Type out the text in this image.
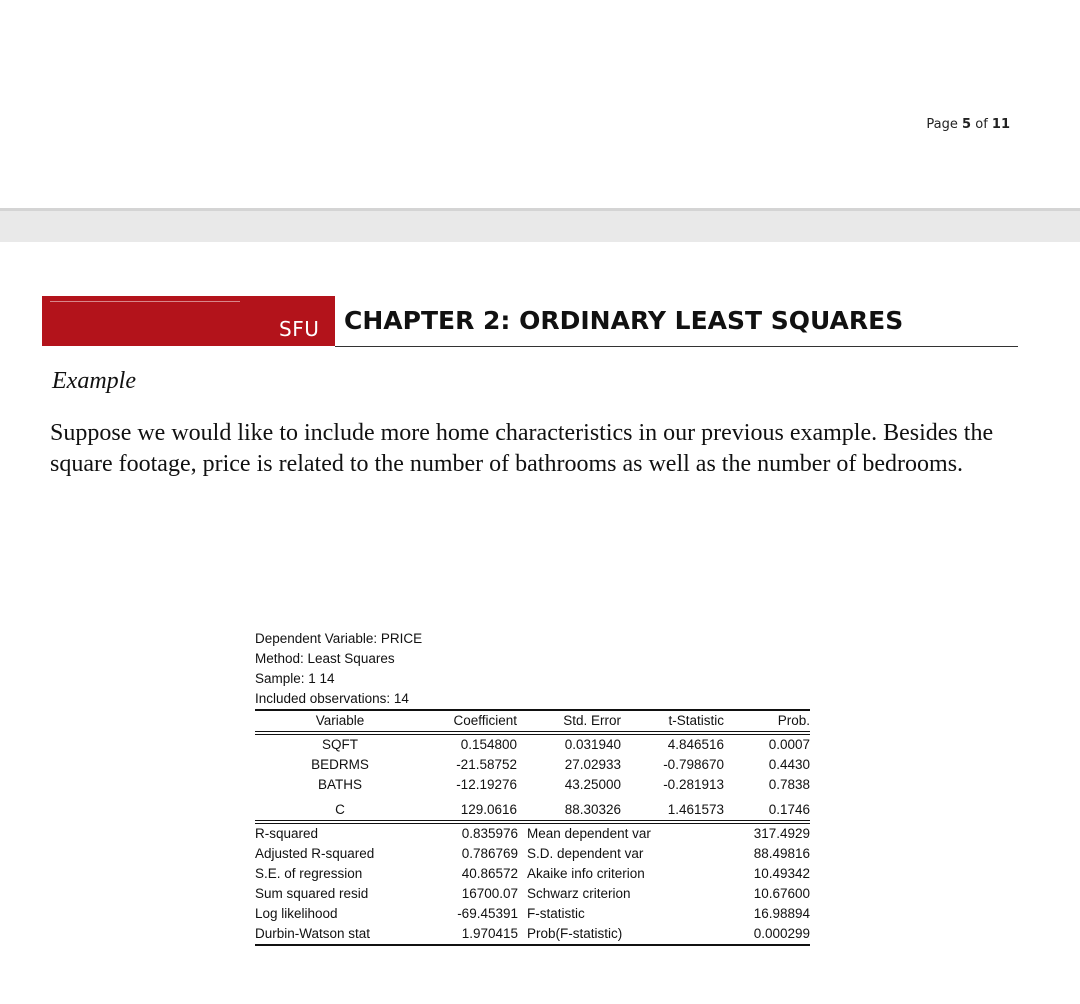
Page 5 of 11
SFU CHAPTER 2: ORDINARY LEAST SQUARES
Example
Suppose we would like to include more home characteristics in our previous example. Besides the square footage, price is related to the number of bathrooms as well as the number of bedrooms.
Dependent Variable: PRICE
Method: Least Squares
Sample: 1 14
Included observations: 14
Variable	Coefficient	Std. Error	t-Statistic	Prob.
SQFT	0.154800	0.031940	4.846516	0.0007
BEDRMS	-21.58752	27.02933	-0.798670	0.4430
BATHS	-12.19276	43.25000	-0.281913	0.7838
C	129.0616	88.30326	1.461573	0.1746
R-squared	0.835976	Mean dependent var	317.4929
Adjusted R-squared	0.786769	S.D. dependent var	88.49816
S.E. of regression	40.86572	Akaike info criterion	10.49342
Sum squared resid	16700.07	Schwarz criterion	10.67600
Log likelihood	-69.45391	F-statistic	16.98894
Durbin-Watson stat	1.970415	Prob(F-statistic)	0.000299
